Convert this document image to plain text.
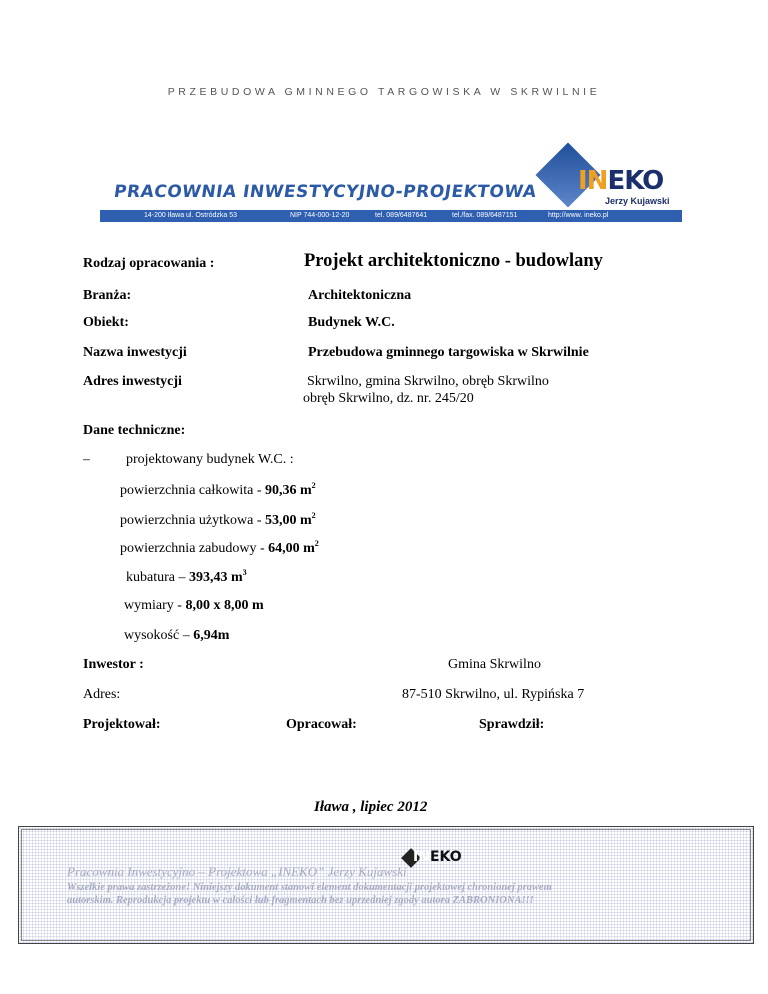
PRZEBUDOWA GMINNEGO TARGOWISKA W SKRWILNIE
PRACOWNIA INWESTYCYJNO-PROJEKTOWA INEKO
Jerzy Kujawski
14-200 Iława ul. Ostródzka 53	NIP 744-000-12-20	tel. 089/6487641	tel./fax. 089/6487151	http://www. ineko.pl
Rodzaj opracowania :	Projekt architektoniczno - budowlany
Branża:	Architektoniczna
Obiekt:	Budynek W.C.
Nazwa inwestycji	Przebudowa gminnego targowiska w Skrwilnie
Adres inwestycji	Skrwilno, gmina Skrwilno, obręb Skrwilno
obręb Skrwilno, dz. nr. 245/20
Dane techniczne:
–	projektowany budynek W.C. :
powierzchnia całkowita - 90,36 $m^2$
powierzchnia użytkowa - 53,00 $m^2$
powierzchnia zabudowy - 64,00 $m^2$
kubatura – 393,43 $m^3$
wymiary - 8,00 x 8,00 m
wysokość – 6,94m
Inwestor :	Gmina Skrwilno
Adres:	87-510 Skrwilno, ul. Rypińska 7
Projektował:	Opracował:	Sprawdził:
Iława , lipiec 2012
INEKO
Pracownia Inwestycyjno – Projektowa „INEKO” Jerzy Kujawski
Wszelkie prawa zastrzeżone! Niniejszy dokument stanowi element dokumentacji projektowej chronionej prawem autorskim. Reprodukcja projektu w całości lub fragmentach bez uprzedniej zgody autora ZABRONIONA!!!
